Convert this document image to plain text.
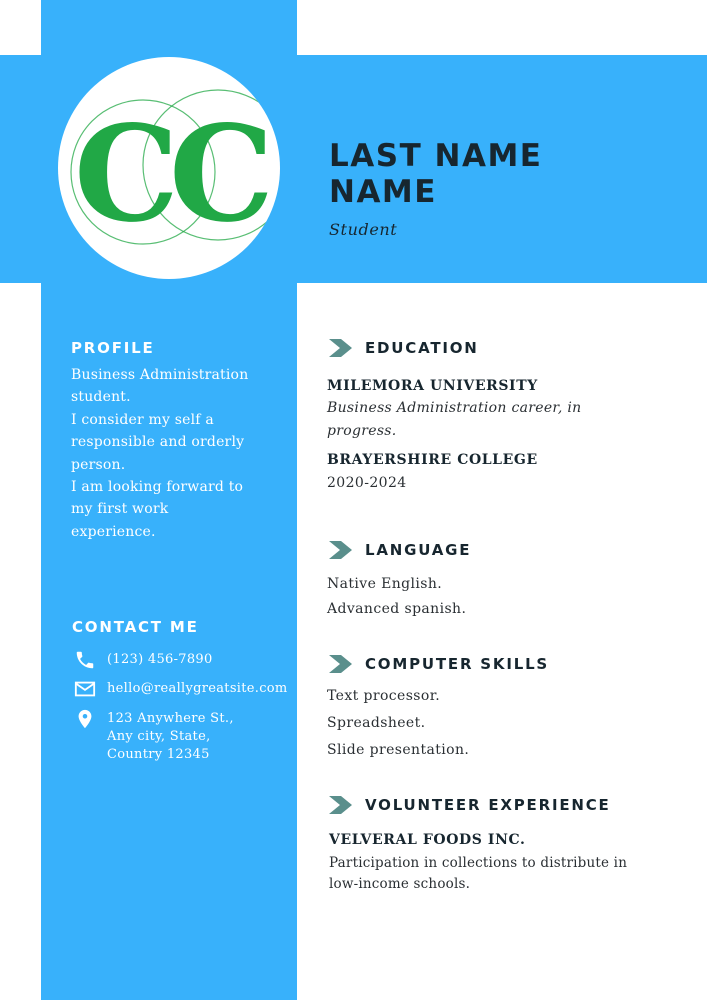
CC LAST NAME
NAME
Student
PROFILE
Business Administration
student.
I consider my self a
responsible and orderly
person.
I am looking forward to
my first work
experience.
CONTACT ME
(123) 456-7890
hello@reallygreatsite.com
123 Anywhere St.,
Any city, State,
Country 12345
EDUCATION
MILEMORA UNIVERSITY
Business Administration career, in
progress.
BRAYERSHIRE COLLEGE
2020-2024
LANGUAGE
Native English.
Advanced spanish.
COMPUTER SKILLS
Text processor.
Spreadsheet.
Slide presentation.
VOLUNTEER EXPERIENCE
VELVERAL FOODS INC.
Participation in collections to distribute in
low-income schools.
